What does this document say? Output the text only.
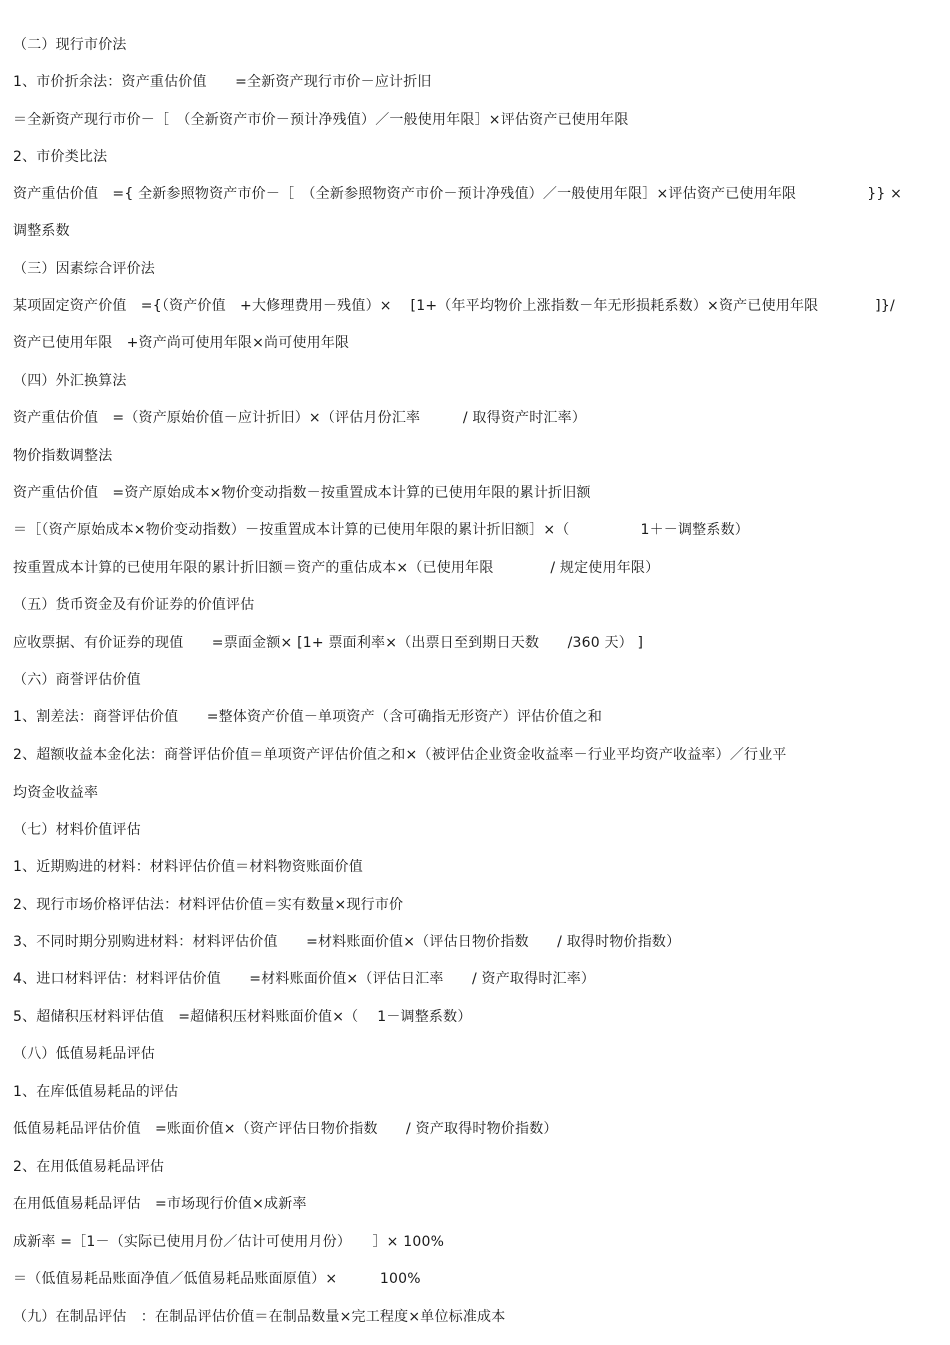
（二）现行市价法
1、市价折余法：资产重估价值　　=全新资产现行市价－应计折旧
＝全新资产现行市价－［　（全新资产市价－预计净残值）／一般使用年限］×评估资产已使用年限
2、市价类比法
资产重估价值　={ 全新参照物资产市价－［　（全新参照物资产市价－预计净残值）／一般使用年限］×评估资产已使用年限　　　　　}} ×
调整系数
（三）因素综合评价法
某项固定资产价值　={（资产价值　+大修理费用－残值）×　 [1+（年平均物价上涨指数－年无形损耗系数）×资产已使用年限　　　　]}/
资产已使用年限　+资产尚可使用年限×尚可使用年限
（四）外汇换算法
资产重估价值　=（资产原始价值－应计折旧）×（评估月份汇率　　　/ 取得资产时汇率）
物价指数调整法
资产重估价值　=资产原始成本×物价变动指数－按重置成本计算的已使用年限的累计折旧额
＝［（资产原始成本×物价变动指数）－按重置成本计算的已使用年限的累计折旧额］×（　　　　　1＋－调整系数）
按重置成本计算的已使用年限的累计折旧额＝资产的重估成本×（已使用年限　　　　/ 规定使用年限）
（五）货币资金及有价证券的价值评估
应收票据、有价证券的现值　　=票面金额× [1+ 票面利率×（出票日至到期日天数　　/360 天） ]
（六）商誉评估价值
1、割差法：商誉评估价值　　=整体资产价值－单项资产（含可确指无形资产）评估价值之和
2、超额收益本金化法：商誉评估价值＝单项资产评估价值之和×（被评估企业资金收益率－行业平均资产收益率）／行业平
均资金收益率
（七）材料价值评估
1、近期购进的材料：材料评估价值＝材料物资账面价值
2、现行市场价格评估法：材料评估价值＝实有数量×现行市价
3、不同时期分别购进材料：材料评估价值　　=材料账面价值×（评估日物价指数　　/ 取得时物价指数）
4、进口材料评估：材料评估价值　　=材料账面价值×（评估日汇率　　/ 资产取得时汇率）
5、超储积压材料评估值　=超储积压材料账面价值×（　 1－调整系数）
（八）低值易耗品评估
1、在库低值易耗品的评估
低值易耗品评估价值　=账面价值×（资产评估日物价指数　　/ 资产取得时物价指数）
2、在用低值易耗品评估
在用低值易耗品评估　=市场现行价值×成新率
成新率 =［1－（实际已使用月份／估计可使用月份）　　］× 100%
＝（低值易耗品账面净值／低值易耗品账面原值）×　　　100%
（九）在制品评估　：在制品评估价值＝在制品数量×完工程度×单位标准成本
